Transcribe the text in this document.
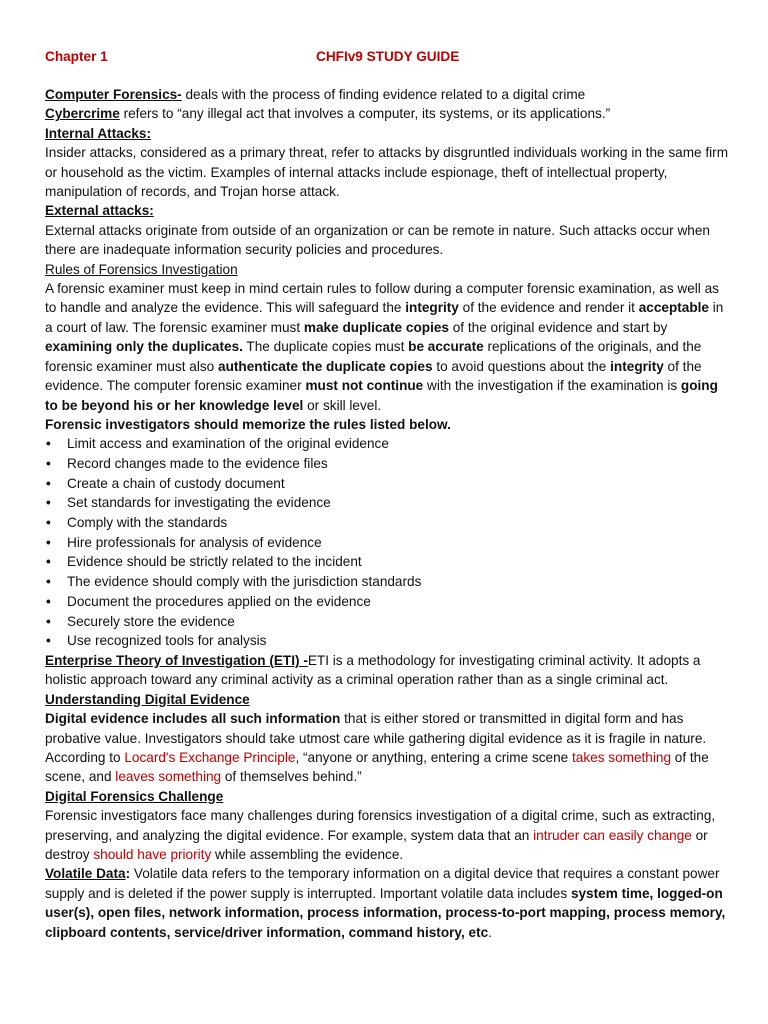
Chapter 1	CHFIv9 STUDY GUIDE

Computer Forensics- deals with the process of finding evidence related to a digital crime

Cybercrime refers to “any illegal act that involves a computer, its systems, or its applications.”

Internal Attacks:

Insider attacks, considered as a primary threat, refer to attacks by disgruntled individuals working in the same firm or household as the victim. Examples of internal attacks include espionage, theft of intellectual property, manipulation of records, and Trojan horse attack.

External attacks:

External attacks originate from outside of an organization or can be remote in nature. Such attacks occur when there are inadequate information security policies and procedures.

Rules of Forensics Investigation

A forensic examiner must keep in mind certain rules to follow during a computer forensic examination, as well as to handle and analyze the evidence. This will safeguard the integrity of the evidence and render it acceptable in a court of law. The forensic examiner must make duplicate copies of the original evidence and start by examining only the duplicates. The duplicate copies must be accurate replications of the originals, and the forensic examiner must also authenticate the duplicate copies to avoid questions about the integrity of the evidence. The computer forensic examiner must not continue with the investigation if the examination is going to be beyond his or her knowledge level or skill level.

Forensic investigators should memorize the rules listed below.

• Limit access and examination of the original evidence
• Record changes made to the evidence files
• Create a chain of custody document
• Set standards for investigating the evidence
• Comply with the standards
• Hire professionals for analysis of evidence
• Evidence should be strictly related to the incident
• The evidence should comply with the jurisdiction standards
• Document the procedures applied on the evidence
• Securely store the evidence
• Use recognized tools for analysis

Enterprise Theory of Investigation (ETI) -ETI is a methodology for investigating criminal activity. It adopts a holistic approach toward any criminal activity as a criminal operation rather than as a single criminal act.

Understanding Digital Evidence

Digital evidence includes all such information that is either stored or transmitted in digital form and has probative value. Investigators should take utmost care while gathering digital evidence as it is fragile in nature. According to Locard's Exchange Principle, “anyone or anything, entering a crime scene takes something of the scene, and leaves something of themselves behind.”

Digital Forensics Challenge

Forensic investigators face many challenges during forensics investigation of a digital crime, such as extracting, preserving, and analyzing the digital evidence. For example, system data that an intruder can easily change or destroy should have priority while assembling the evidence.

Volatile Data: Volatile data refers to the temporary information on a digital device that requires a constant power supply and is deleted if the power supply is interrupted. Important volatile data includes system time, logged-on user(s), open files, network information, process information, process-to-port mapping, process memory, clipboard contents, service/driver information, command history, etc.
